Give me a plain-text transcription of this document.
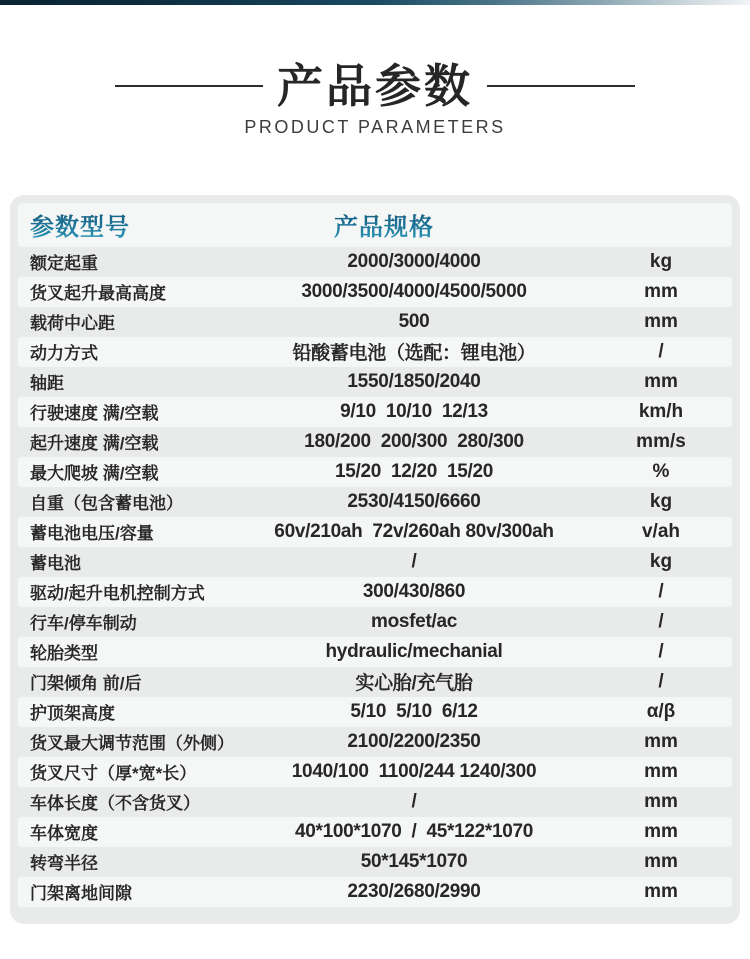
产品参数
PRODUCT PARAMETERS
参数型号	产品规格
额定起重	2000/3000/4000	kg
货叉起升最高高度	3000/3500/4000/4500/5000	mm
载荷中心距	500	mm
动力方式	铅酸蓄电池（选配：锂电池）	/
轴距	1550/1850/2040	mm
行驶速度 满/空载	9/10  10/10  12/13	km/h
起升速度 满/空载	180/200  200/300  280/300	mm/s
最大爬坡 满/空载	15/20  12/20  15/20	%
自重（包含蓄电池）	2530/4150/6660	kg
蓄电池电压/容量	60v/210ah  72v/260ah 80v/300ah	v/ah
蓄电池	/	kg
驱动/起升电机控制方式	300/430/860	/
行车/停车制动	mosfet/ac	/
轮胎类型	hydraulic/mechanial	/
门架倾角 前/后	实心胎/充气胎	/
护顶架高度	5/10  5/10  6/12	α/β
货叉最大调节范围（外侧）	2100/2200/2350	mm
货叉尺寸（厚*宽*长）	1040/100  1100/244 1240/300	mm
车体长度（不含货叉）	/	mm
车体宽度	40*100*1070  /  45*122*1070	mm
转弯半径	50*145*1070	mm
门架离地间隙	2230/2680/2990	mm
